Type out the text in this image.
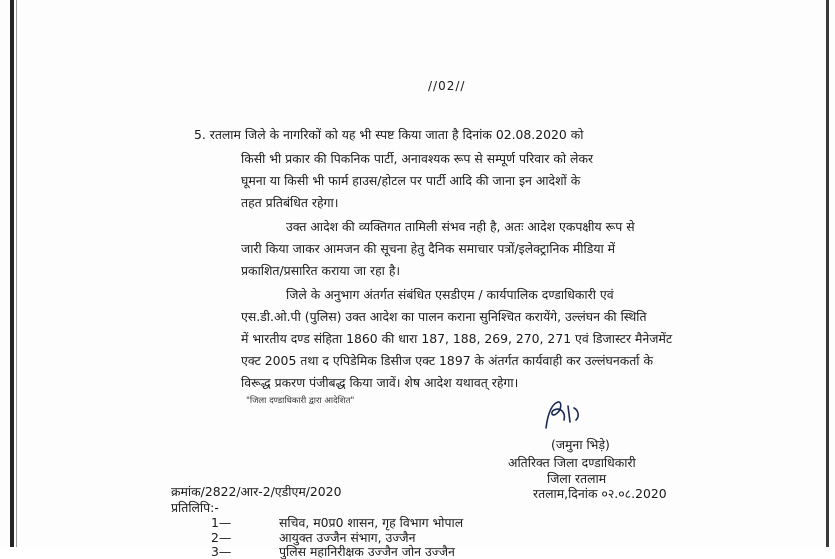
//02//
5. रतलाम जिले के नागरिकों को यह भी स्पष्ट किया जाता है दिनांक 02.08.2020 को
किसी भी प्रकार की पिकनिक पार्टी, अनावश्यक रूप से सम्पूर्ण परिवार को लेकर
घूमना या किसी भी फार्म हाउस/होटल पर पार्टी आदि की जाना इन आदेशों के
तहत प्रतिबंधित रहेगा।
उक्त आदेश की व्यक्तिगत तामिली संभव नही है, अतः आदेश एकपक्षीय रूप से
जारी किया जाकर आमजन की सूचना हेतु दैनिक समाचार पत्रों/इलेक्ट्रानिक मीडिया में
प्रकाशित/प्रसारित कराया जा रहा है।
जिले के अनुभाग अंतर्गत संबंधित एसडीएम / कार्यपालिक दण्डाधिकारी एवं
एस.डी.ओ.पी (पुलिस) उक्त आदेश का पालन कराना सुनिश्चित करायेंगे, उल्लंघन की स्थिति
में भारतीय दण्ड संहिता 1860 की धारा 187, 188, 269, 270, 271 एवं डिजास्टर मैनेजमेंट
एक्ट 2005 तथा द एपिडेमिक डिसीज एक्ट 1897 के अंतर्गत कार्यवाही कर उल्लंघनकर्ता के
विरूद्ध प्रकरण पंजीबद्ध किया जावें। शेष आदेश यथावत् रहेगा।
"जिला दण्डाधिकारी द्वारा आदेशित"
(जमुना भिड़े)
अतिरिक्त जिला दण्डाधिकारी
जिला रतलाम
रतलाम,दिनांक ०२.०८.2020
क्रमांक/2822/आर-2/एडीएम/2020
प्रतिलिपि:-
1—	सचिव, म0प्र0 शासन, गृह विभाग भोपाल
2—	आयुक्त उज्जैन संभाग, उज्जैन
3—	पुलिस महानिरीक्षक उज्जैन जोन उज्जैन
